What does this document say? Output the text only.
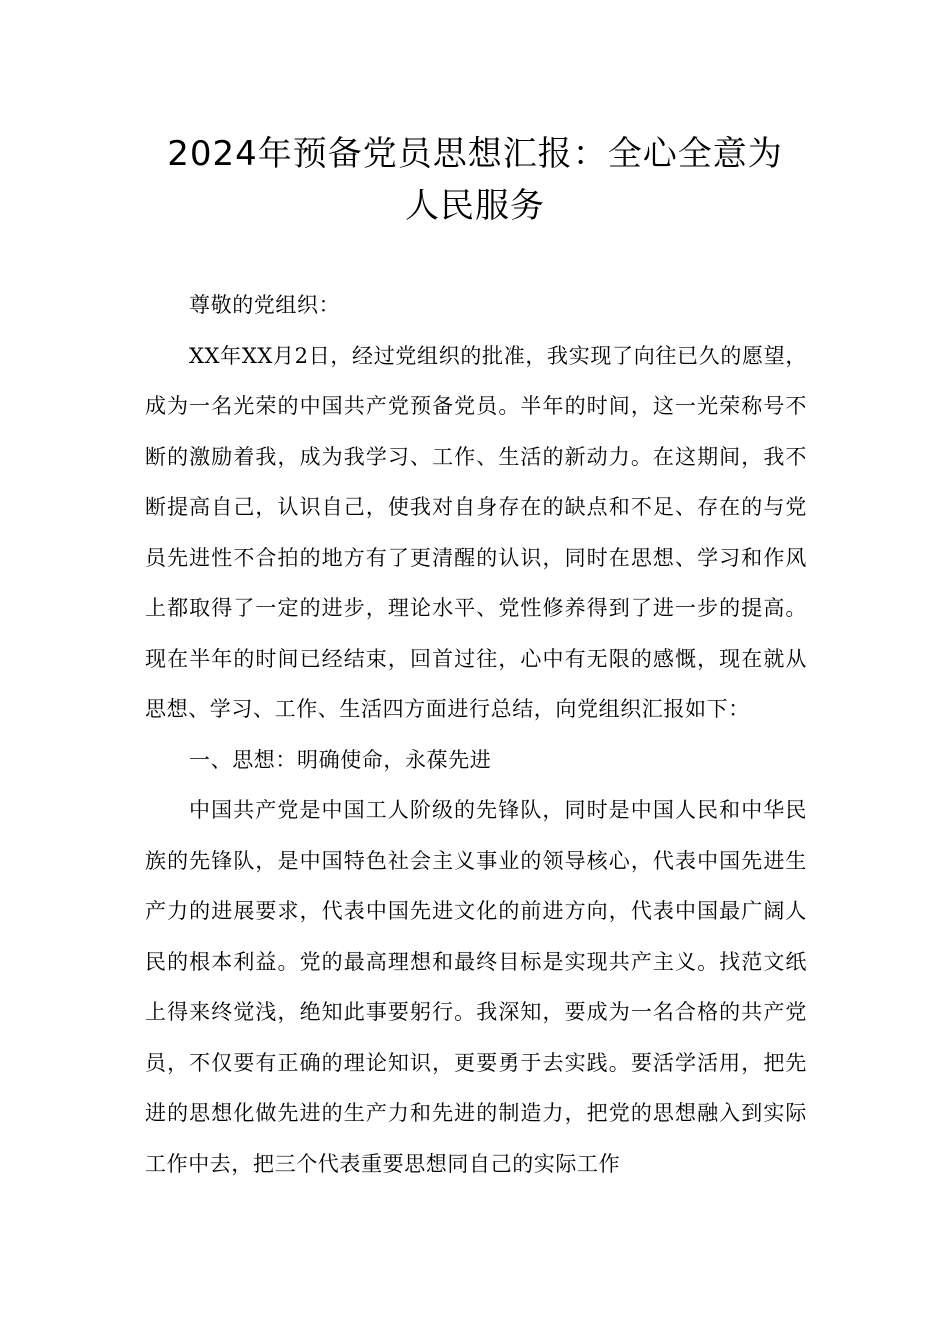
2024年预备党员思想汇报：全心全意为
人民服务

尊敬的党组织：

XX年XX月2日，经过党组织的批准，我实现了向往已久的愿望，成为一名光荣的中国共产党预备党员。半年的时间，这一光荣称号不断的激励着我，成为我学习、工作、生活的新动力。在这期间，我不断提高自己，认识自己，使我对自身存在的缺点和不足、存在的与党员先进性不合拍的地方有了更清醒的认识，同时在思想、学习和作风上都取得了一定的进步，理论水平、党性修养得到了进一步的提高。现在半年的时间已经结束，回首过往，心中有无限的感慨，现在就从思想、学习、工作、生活四方面进行总结，向党组织汇报如下：

一、思想：明确使命，永葆先进

中国共产党是中国工人阶级的先锋队，同时是中国人民和中华民族的先锋队，是中国特色社会主义事业的领导核心，代表中国先进生产力的进展要求，代表中国先进文化的前进方向，代表中国最广阔人民的根本利益。党的最高理想和最终目标是实现共产主义。找范文纸上得来终觉浅，绝知此事要躬行。我深知，要成为一名合格的共产党员，不仅要有正确的理论知识，更要勇于去实践。要活学活用，把先进的思想化做先进的生产力和先进的制造力，把党的思想融入到实际工作中去，把三个代表重要思想同自己的实际工作
